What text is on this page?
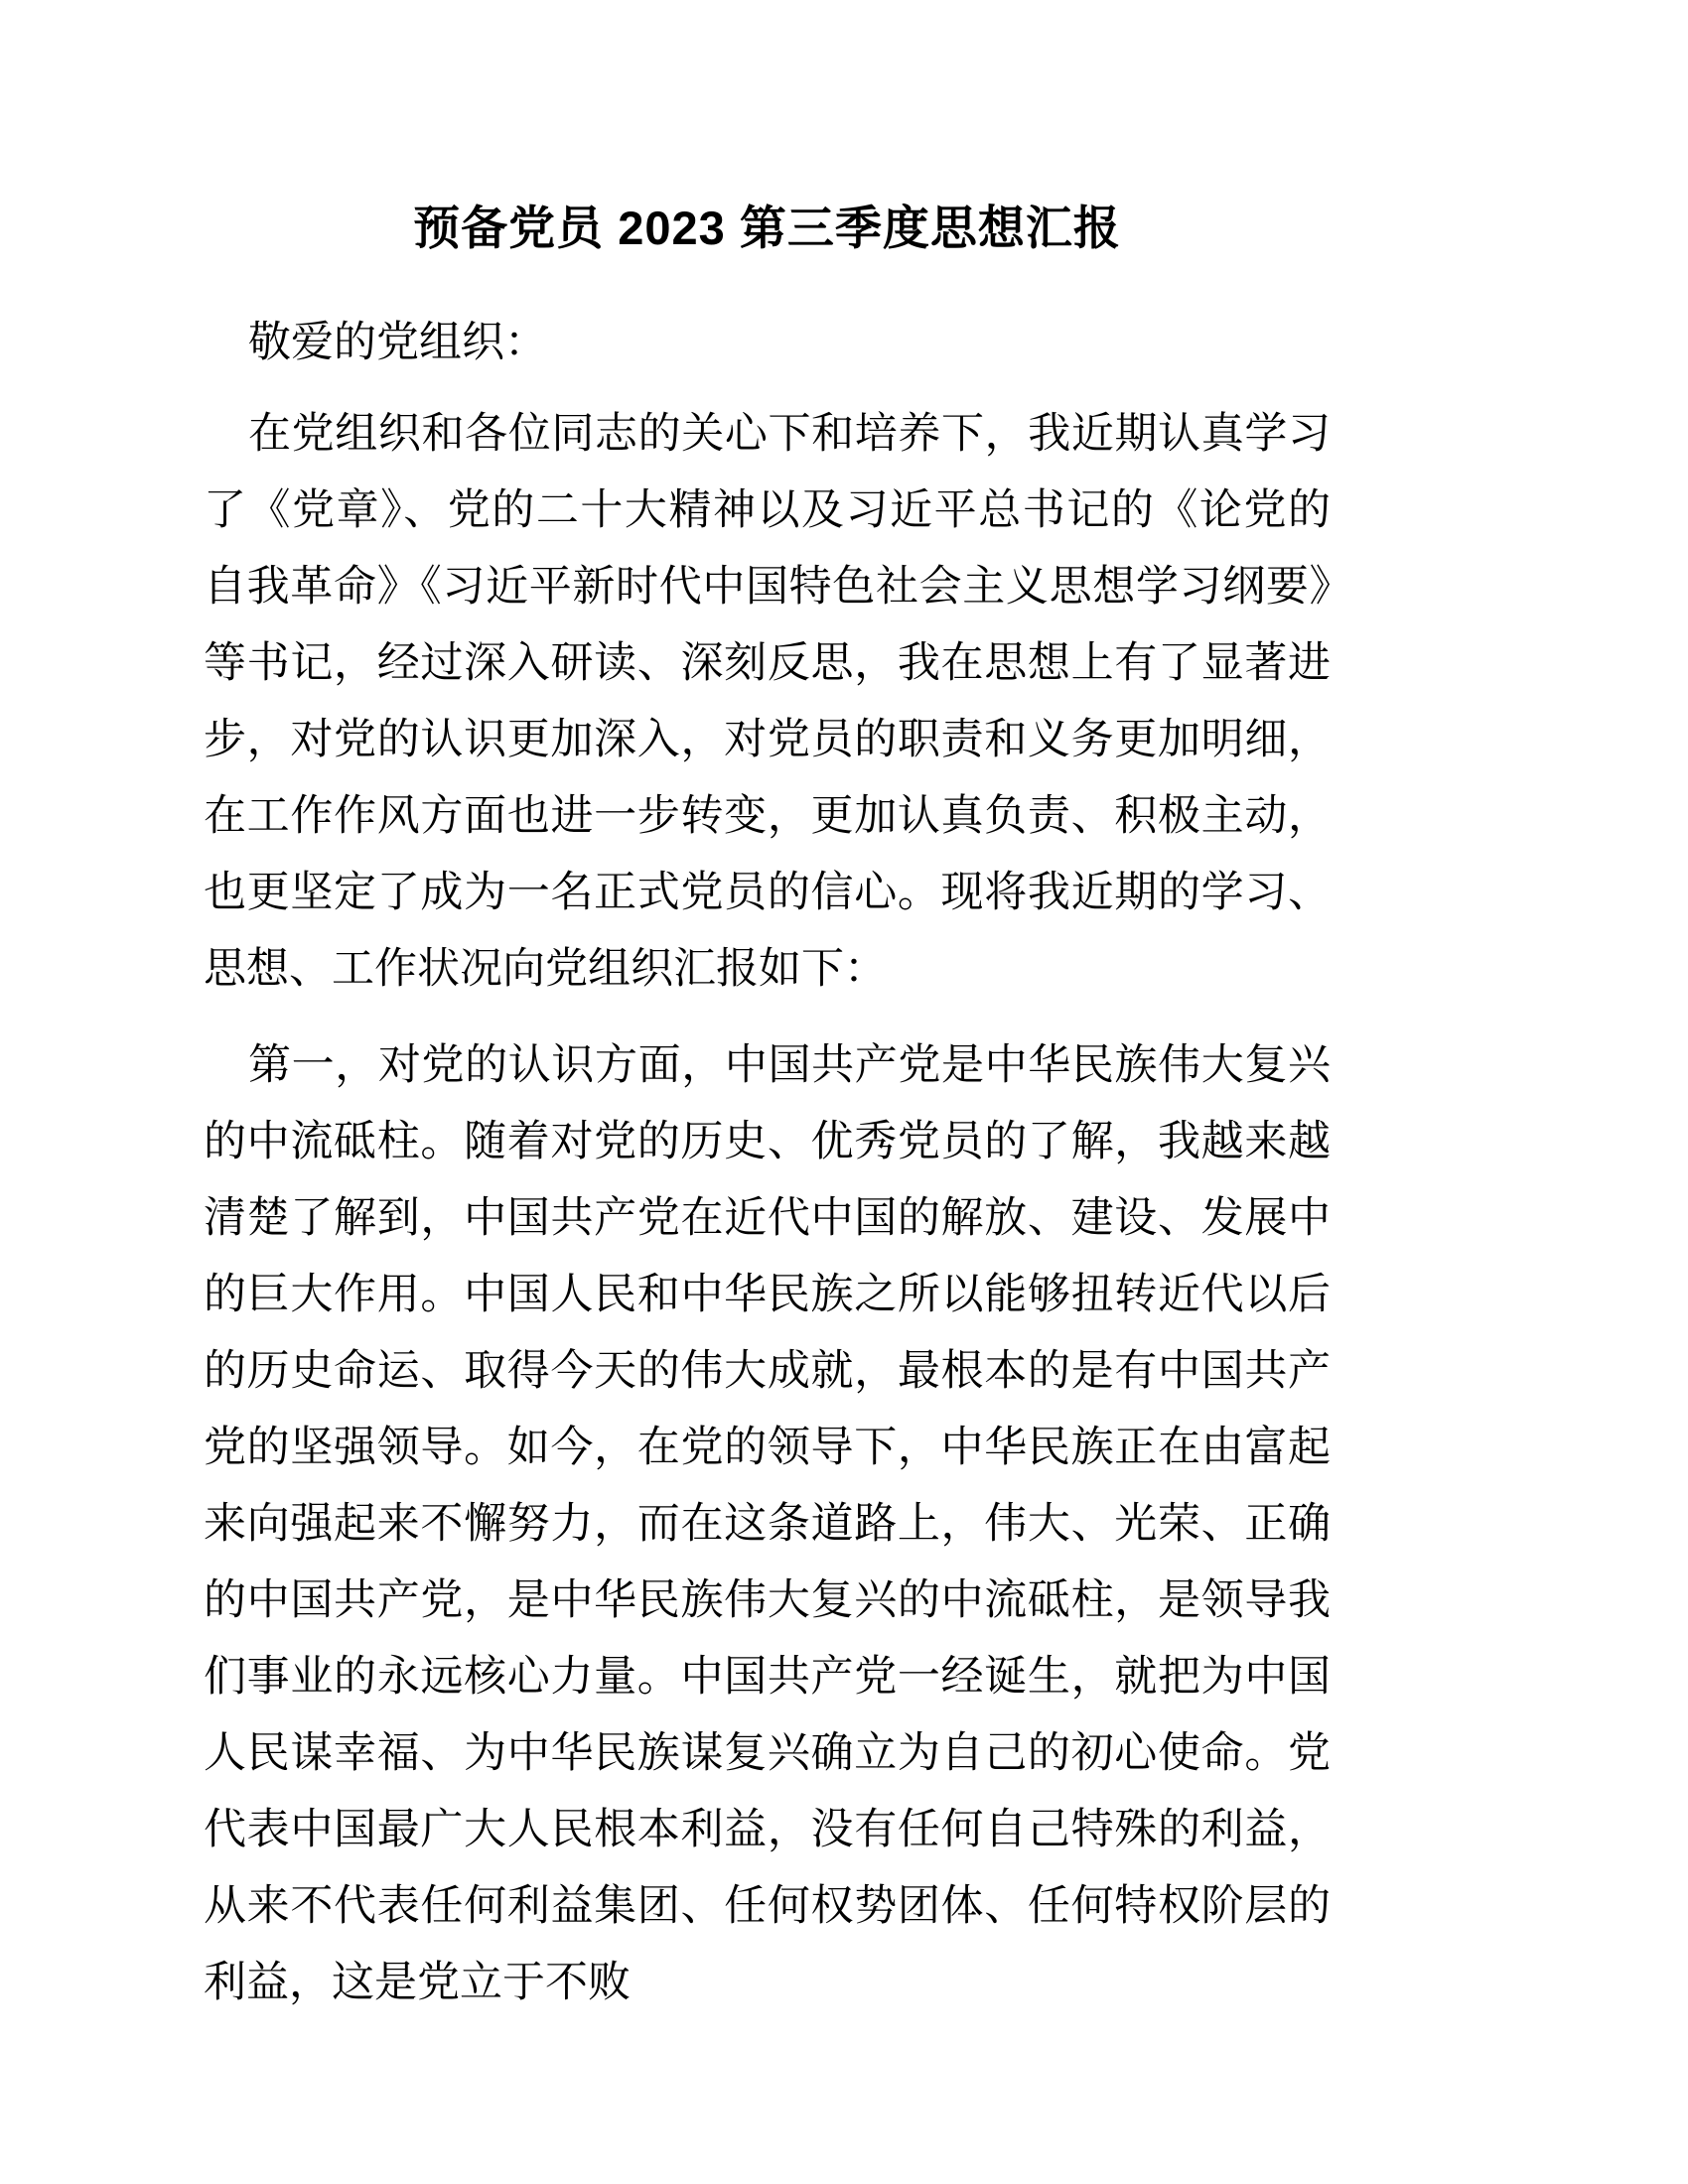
预备党员 2023 第三季度思想汇报

敬爱的党组织：

在党组织和各位同志的关心下和培养下，我近期认真学习了《党章》、党的二十大精神以及习近平总书记的《论党的自我革命》《习近平新时代中国特色社会主义思想学习纲要》等书记，经过深入研读、深刻反思，我在思想上有了显著进步，对党的认识更加深入，对党员的职责和义务更加明细，在工作作风方面也进一步转变，更加认真负责、积极主动，也更坚定了成为一名正式党员的信心。现将我近期的学习、思想、工作状况向党组织汇报如下：

第一，对党的认识方面，中国共产党是中华民族伟大复兴的中流砥柱。随着对党的历史、优秀党员的了解，我越来越清楚了解到，中国共产党在近代中国的解放、建设、发展中的巨大作用。中国人民和中华民族之所以能够扭转近代以后的历史命运、取得今天的伟大成就，最根本的是有中国共产党的坚强领导。如今，在党的领导下，中华民族正在由富起来向强起来不懈努力，而在这条道路上，伟大、光荣、正确的中国共产党，是中华民族伟大复兴的中流砥柱，是领导我们事业的永远核心力量。中国共产党一经诞生，就把为中国人民谋幸福、为中华民族谋复兴确立为自己的初心使命。党代表中国最广大人民根本利益，没有任何自己特殊的利益，从来不代表任何利益集团、任何权势团体、任何特权阶层的利益，这是党立于不败
